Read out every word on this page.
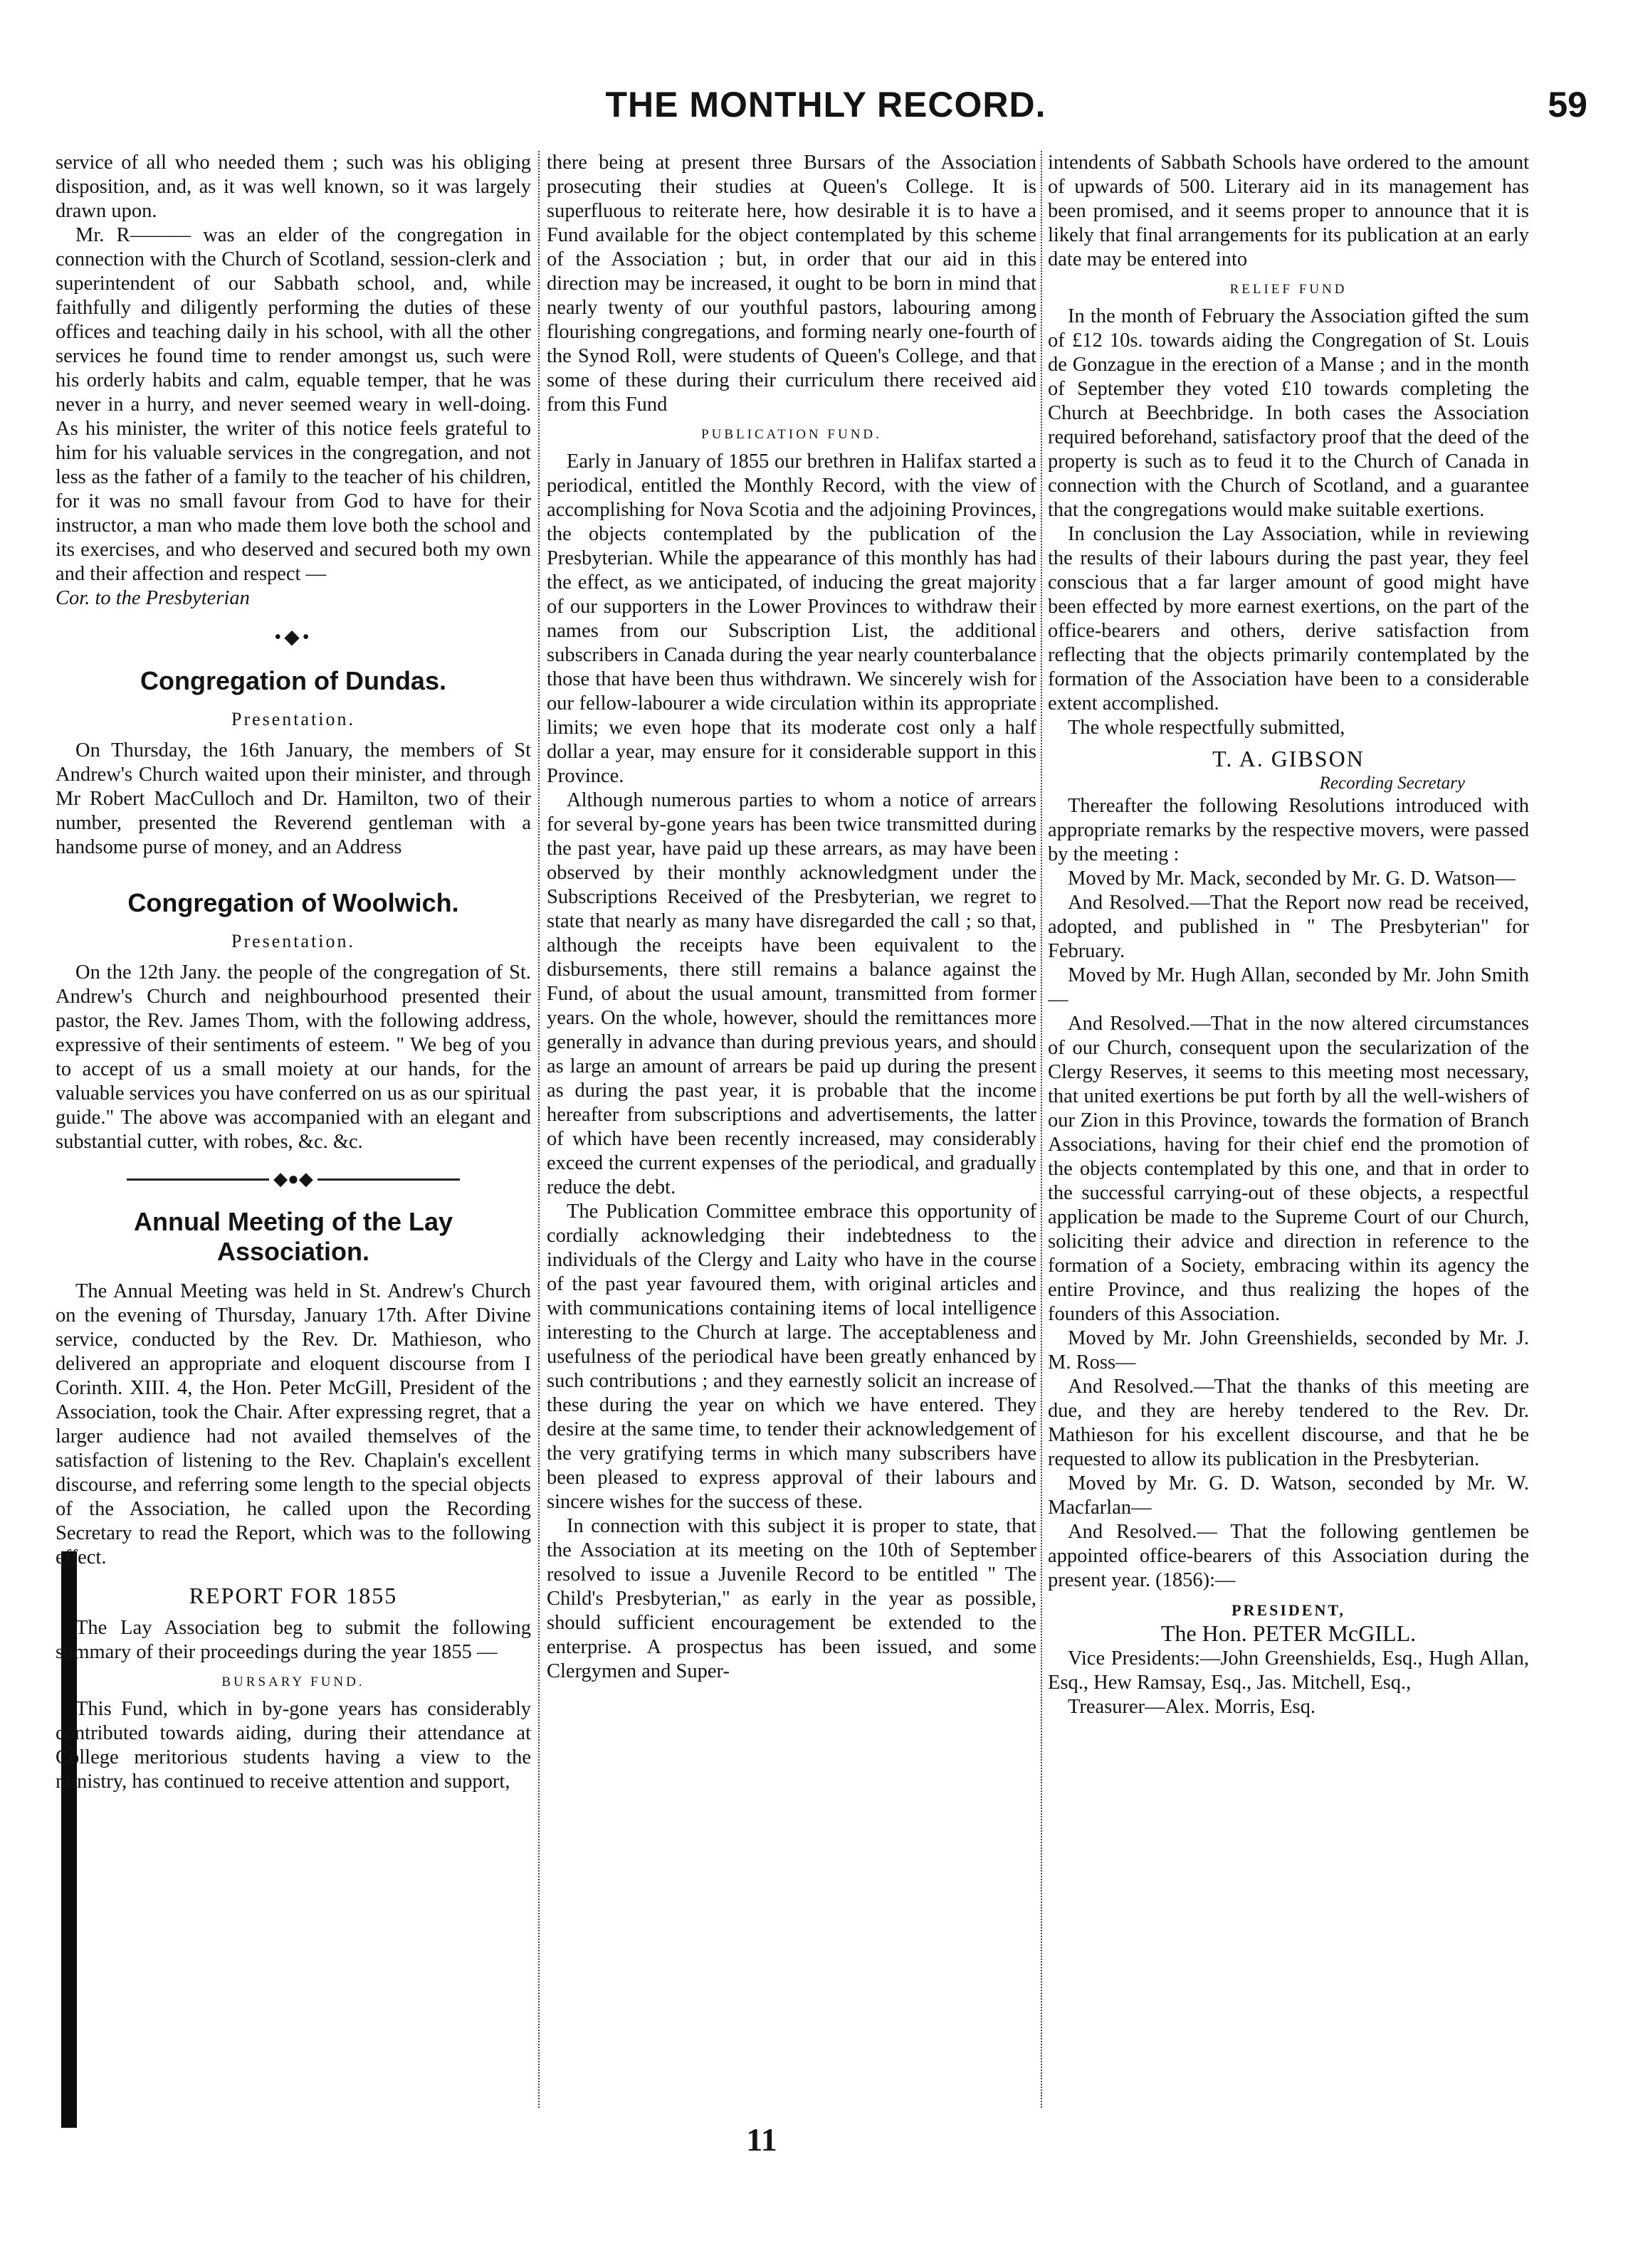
THE MONTHLY RECORD.	59

service of all who needed them ; such was his obliging disposition, and, as it was well known, so it was largely drawn upon.

Mr. R——— was an elder of the congregation in connection with the Church of Scotland, session-clerk and superintendent of our Sabbath school, and, while faithfully and diligently performing the duties of these offices and teaching daily in his school, with all the other services he found time to render amongst us, such were his orderly habits and calm, equable temper, that he was never in a hurry, and never seemed weary in well-doing. As his minister, the writer of this notice feels grateful to him for his valuable services in the congregation, and not less as the father of a family to the teacher of his children, for it was no small favour from God to have for their instructor, a man who made them love both the school and its exercises, and who deserved and secured both my own and their affection and respect —

Cor. to the Presbyterian

•◆•
Congregation of Dundas.
Presentation.

On Thursday, the 16th January, the members of St Andrew's Church waited upon their minister, and through Mr Robert MacCulloch and Dr. Hamilton, two of their number, presented the Reverend gentleman with a handsome purse of money, and an Address

Congregation of Woolwich.
Presentation.

On the 12th Jany. the people of the congregation of St. Andrew's Church and neighbourhood presented their pastor, the Rev. James Thom, with the following address, expressive of their sentiments of esteem. " We beg of you to accept of us a small moiety at our hands, for the valuable services you have conferred on us as our spiritual guide." The above was accompanied with an elegant and substantial cutter, with robes, &c. &c.

◆●◆
Annual Meeting of the Lay Association.

The Annual Meeting was held in St. Andrew's Church on the evening of Thursday, January 17th. After Divine service, conducted by the Rev. Dr. Mathieson, who delivered an appropriate and eloquent discourse from I Corinth. XIII. 4, the Hon. Peter McGill, President of the Association, took the Chair. After expressing regret, that a larger audience had not availed themselves of the satisfaction of listening to the Rev. Chaplain's excellent discourse, and referring some length to the special objects of the Association, he called upon the Recording Secretary to read the Report, which was to the following effect.

REPORT FOR 1855

The Lay Association beg to submit the following summary of their proceedings during the year 1855 —

BURSARY FUND.

This Fund, which in by-gone years has considerably contributed towards aiding, during their attendance at College meritorious students having a view to the ministry, has continued to receive attention and support,

there being at present three Bursars of the Association prosecuting their studies at Queen's College. It is superfluous to reiterate here, how desirable it is to have a Fund available for the object contemplated by this scheme of the Association ; but, in order that our aid in this direction may be increased, it ought to be born in mind that nearly twenty of our youthful pastors, labouring among flourishing congregations, and forming nearly one-fourth of the Synod Roll, were students of Queen's College, and that some of these during their curriculum there received aid from this Fund

PUBLICATION FUND.

Early in January of 1855 our brethren in Halifax started a periodical, entitled the Monthly Record, with the view of accomplishing for Nova Scotia and the adjoining Provinces, the objects contemplated by the publication of the Presbyterian. While the appearance of this monthly has had the effect, as we anticipated, of inducing the great majority of our supporters in the Lower Provinces to withdraw their names from our Subscription List, the additional subscribers in Canada during the year nearly counterbalance those that have been thus withdrawn. We sincerely wish for our fellow-labourer a wide circulation within its appropriate limits; we even hope that its moderate cost only a half dollar a year, may ensure for it considerable support in this Province.

Although numerous parties to whom a notice of arrears for several by-gone years has been twice transmitted during the past year, have paid up these arrears, as may have been observed by their monthly acknowledgment under the Subscriptions Received of the Presbyterian, we regret to state that nearly as many have disregarded the call ; so that, although the receipts have been equivalent to the disbursements, there still remains a balance against the Fund, of about the usual amount, transmitted from former years. On the whole, however, should the remittances more generally in advance than during previous years, and should as large an amount of arrears be paid up during the present as during the past year, it is probable that the income hereafter from subscriptions and advertisements, the latter of which have been recently increased, may considerably exceed the current expenses of the periodical, and gradually reduce the debt.

The Publication Committee embrace this opportunity of cordially acknowledging their indebtedness to the individuals of the Clergy and Laity who have in the course of the past year favoured them, with original articles and with communications containing items of local intelligence interesting to the Church at large. The acceptableness and usefulness of the periodical have been greatly enhanced by such contributions ; and they earnestly solicit an increase of these during the year on which we have entered. They desire at the same time, to tender their acknowledgement of the very gratifying terms in which many subscribers have been pleased to express approval of their labours and sincere wishes for the success of these.

In connection with this subject it is proper to state, that the Association at its meeting on the 10th of September resolved to issue a Juvenile Record to be entitled " The Child's Presbyterian," as early in the year as possible, should sufficient encouragement be extended to the enterprise. A prospectus has been issued, and some Clergymen and Super-

intendents of Sabbath Schools have ordered to the amount of upwards of 500. Literary aid in its management has been promised, and it seems proper to announce that it is likely that final arrangements for its publication at an early date may be entered into

RELIEF FUND

In the month of February the Association gifted the sum of £12 10s. towards aiding the Congregation of St. Louis de Gonzague in the erection of a Manse ; and in the month of September they voted £10 towards completing the Church at Beechbridge. In both cases the Association required beforehand, satisfactory proof that the deed of the property is such as to feud it to the Church of Canada in connection with the Church of Scotland, and a guarantee that the congregations would make suitable exertions.

In conclusion the Lay Association, while in reviewing the results of their labours during the past year, they feel conscious that a far larger amount of good might have been effected by more earnest exertions, on the part of the office-bearers and others, derive satisfaction from reflecting that the objects primarily contemplated by the formation of the Association have been to a considerable extent accomplished.

The whole respectfully submitted,

T. A. GIBSON
Recording Secretary

Thereafter the following Resolutions introduced with appropriate remarks by the respective movers, were passed by the meeting :

Moved by Mr. Mack, seconded by Mr. G. D. Watson—

And Resolved.—That the Report now read be received, adopted, and published in " The Presbyterian" for February.

Moved by Mr. Hugh Allan, seconded by Mr. John Smith—

And Resolved.—That in the now altered circumstances of our Church, consequent upon the secularization of the Clergy Reserves, it seems to this meeting most necessary, that united exertions be put forth by all the well-wishers of our Zion in this Province, towards the formation of Branch Associations, having for their chief end the promotion of the objects contemplated by this one, and that in order to the successful carrying-out of these objects, a respectful application be made to the Supreme Court of our Church, soliciting their advice and direction in reference to the formation of a Society, embracing within its agency the entire Province, and thus realizing the hopes of the founders of this Association.

Moved by Mr. John Greenshields, seconded by Mr. J. M. Ross—

And Resolved.—That the thanks of this meeting are due, and they are hereby tendered to the Rev. Dr. Mathieson for his excellent discourse, and that he be requested to allow its publication in the Presbyterian.

Moved by Mr. G. D. Watson, seconded by Mr. W. Macfarlan—

And Resolved.— That the following gentlemen be appointed office-bearers of this Association during the present year. (1856):—

PRESIDENT,
The Hon. PETER McGILL.

Vice Presidents:—John Greenshields, Esq., Hugh Allan, Esq., Hew Ramsay, Esq., Jas. Mitchell, Esq.,

Treasurer—Alex. Morris, Esq.

11
